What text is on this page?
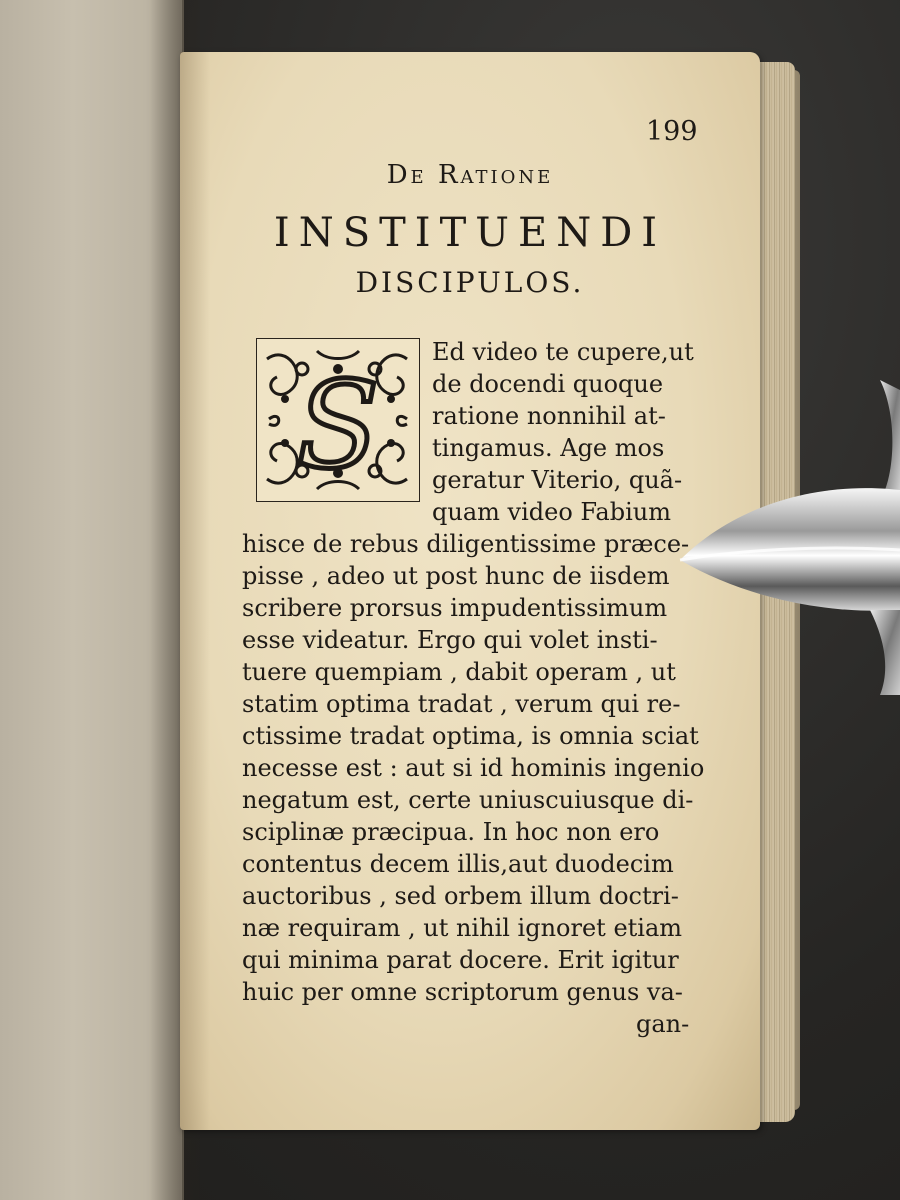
199
De Ratione
INSTITUENDI
DISCIPULOS.
S
Ed video te cupere,ut
de docendi quoque
ratione nonnihil at-
tingamus. Age mos
geratur Viterio, quã-
quam video Fabium
hisce de rebus diligentissime præce-
pisse , adeo ut post hunc de iisdem
scribere prorsus impudentissimum
esse videatur. Ergo qui volet insti-
tuere quempiam , dabit operam , ut
statim optima tradat , verum qui re-
ctissime tradat optima, is omnia sciat
necesse est : aut si id hominis ingenio
negatum est, certe uniuscuiusque di-
sciplinæ præcipua. In hoc non ero
contentus decem illis,aut duodecim
auctoribus , sed orbem illum doctri-
næ requiram , ut nihil ignoret etiam
qui minima parat docere. Erit igitur
huic per omne scriptorum genus va-
gan-
